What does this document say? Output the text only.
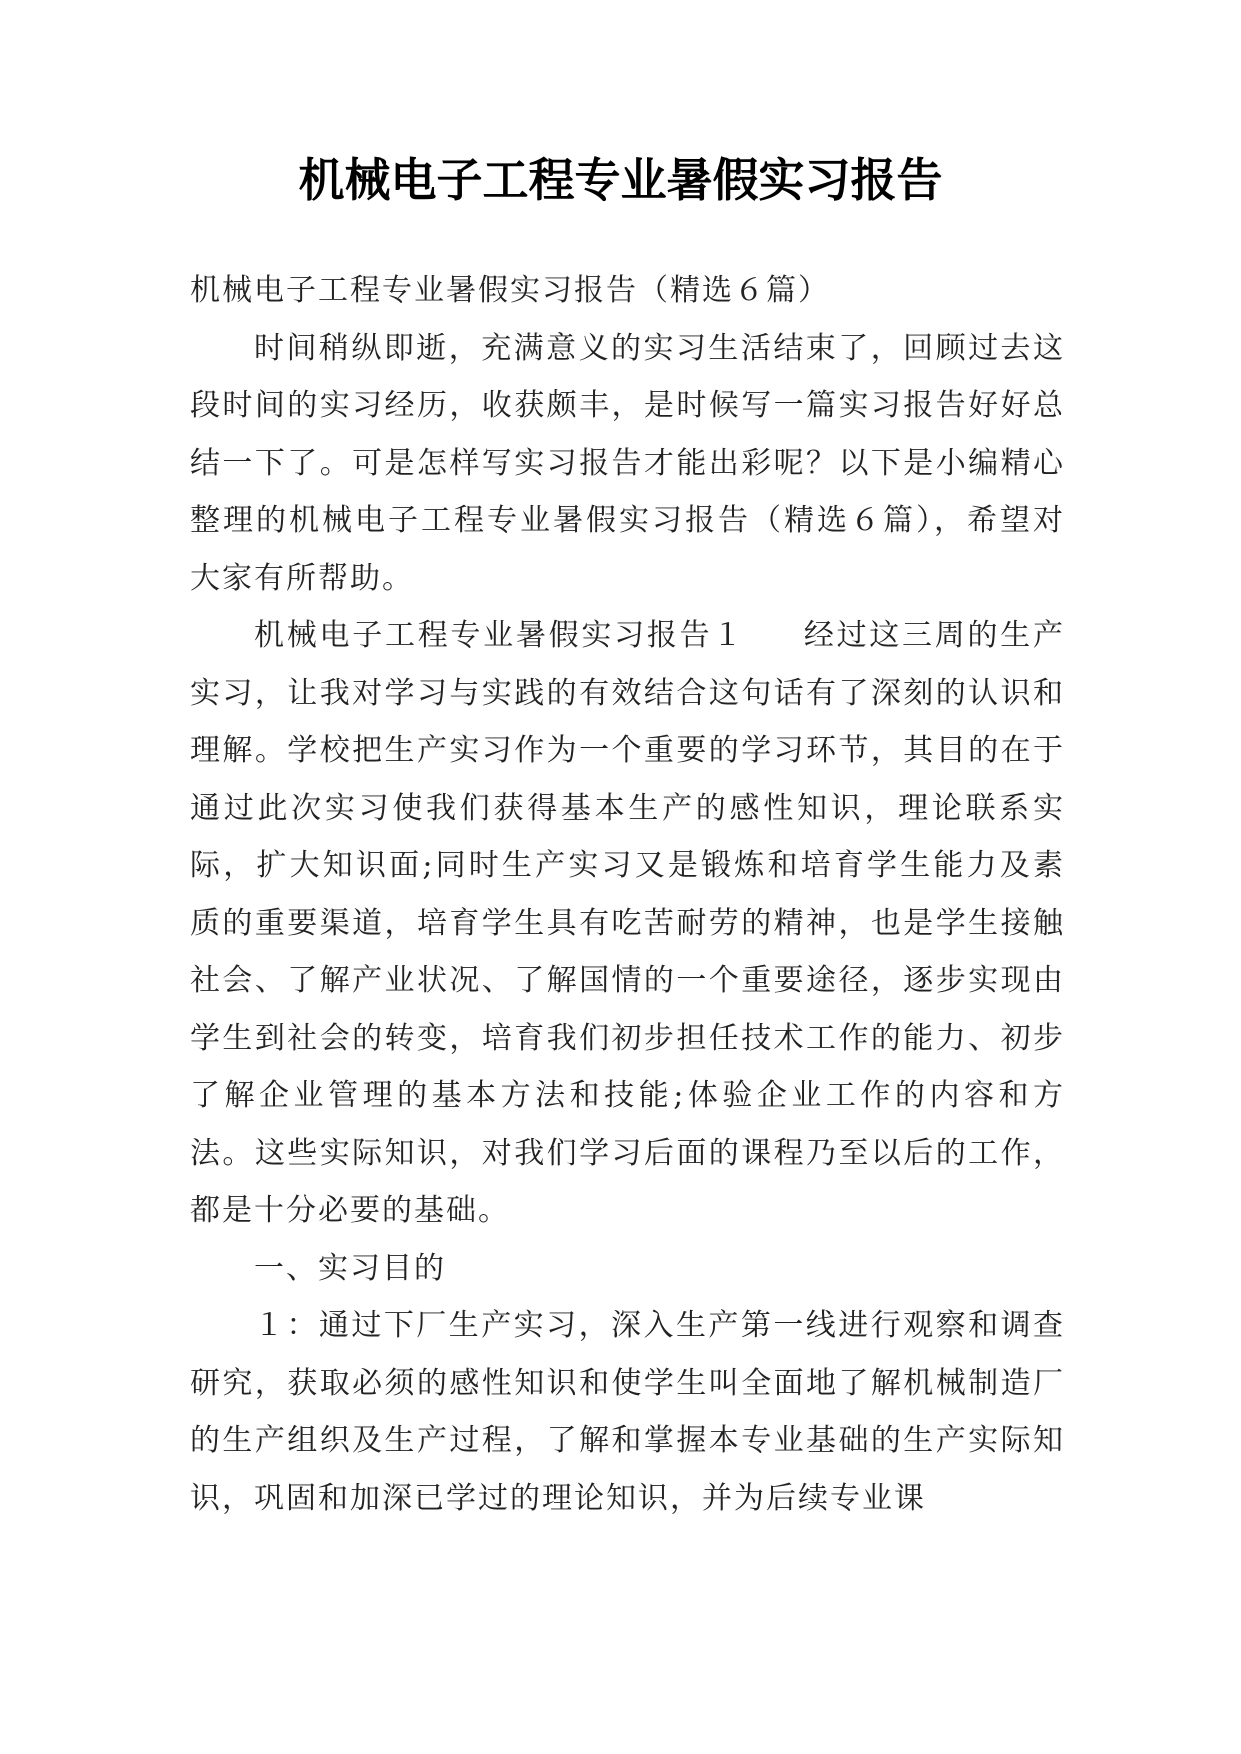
机械电子工程专业暑假实习报告

机械电子工程专业暑假实习报告（精选６篇）

时间稍纵即逝，充满意义的实习生活结束了，回顾过去这段时间的实习经历，收获颇丰，是时候写一篇实习报告好好总结一下了。可是怎样写实习报告才能出彩呢？以下是小编精心整理的机械电子工程专业暑假实习报告（精选６篇），希望对大家有所帮助。

机械电子工程专业暑假实习报告１ 经过这三周的生产实习，让我对学习与实践的有效结合这句话有了深刻的认识和理解。学校把生产实习作为一个重要的学习环节，其目的在于通过此次实习使我们获得基本生产的感性知识，理论联系实际，扩大知识面;同时生产实习又是锻炼和培育学生能力及素质的重要渠道，培育学生具有吃苦耐劳的精神，也是学生接触社会、了解产业状况、了解国情的一个重要途径，逐步实现由学生到社会的转变，培育我们初步担任技术工作的能力、初步了解企业管理的基本方法和技能;体验企业工作的内容和方法。这些实际知识，对我们学习后面的课程乃至以后的工作，都是十分必要的基础。

一、实习目的

１：通过下厂生产实习，深入生产第一线进行观察和调查研究，获取必须的感性知识和使学生叫全面地了解机械制造厂的生产组织及生产过程，了解和掌握本专业基础的生产实际知识，巩固和加深已学过的理论知识，并为后续专业课
